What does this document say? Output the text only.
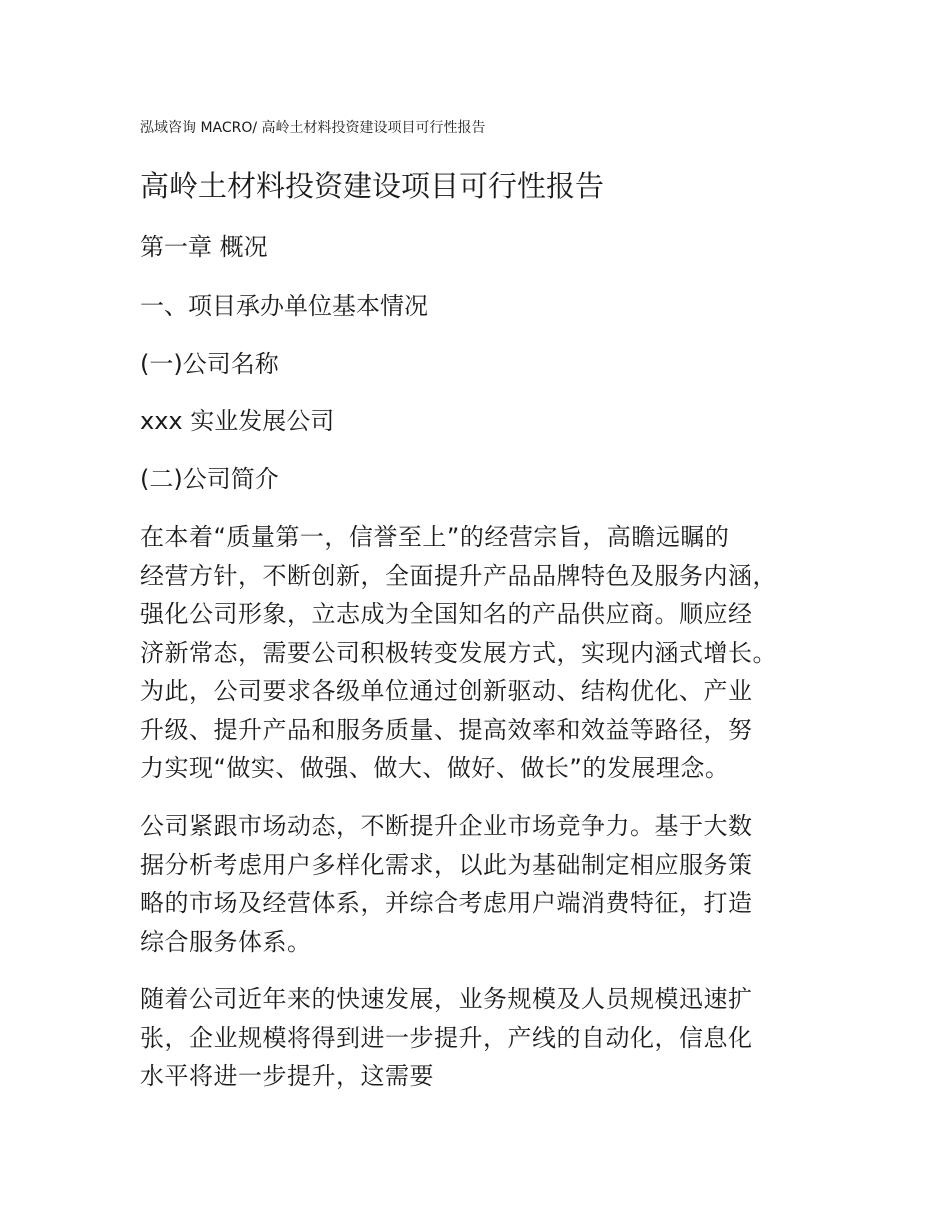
泓域咨询 MACRO/ 高岭土材料投资建设项目可行性报告
高岭土材料投资建设项目可行性报告
第一章 概况
一、项目承办单位基本情况
(一)公司名称

xxx 实业发展公司

(二)公司简介
在本着“质量第一，信誉至上”的经营宗旨，高瞻远瞩的
经营方针，不断创新，全面提升产品品牌特色及服务内涵，
强化公司形象，立志成为全国知名的产品供应商。顺应经
济新常态，需要公司积极转变发展方式，实现内涵式增长。
为此，公司要求各级单位通过创新驱动、结构优化、产业
升级、提升产品和服务质量、提高效率和效益等路径，努
力实现“做实、做强、做大、做好、做长”的发展理念。
公司紧跟市场动态，不断提升企业市场竞争力。基于大数
据分析考虑用户多样化需求，以此为基础制定相应服务策
略的市场及经营体系，并综合考虑用户端消费特征，打造
综合服务体系。
随着公司近年来的快速发展，业务规模及人员规模迅速扩
张，企业规模将得到进一步提升，产线的自动化，信息化
水平将进一步提升，这需要
